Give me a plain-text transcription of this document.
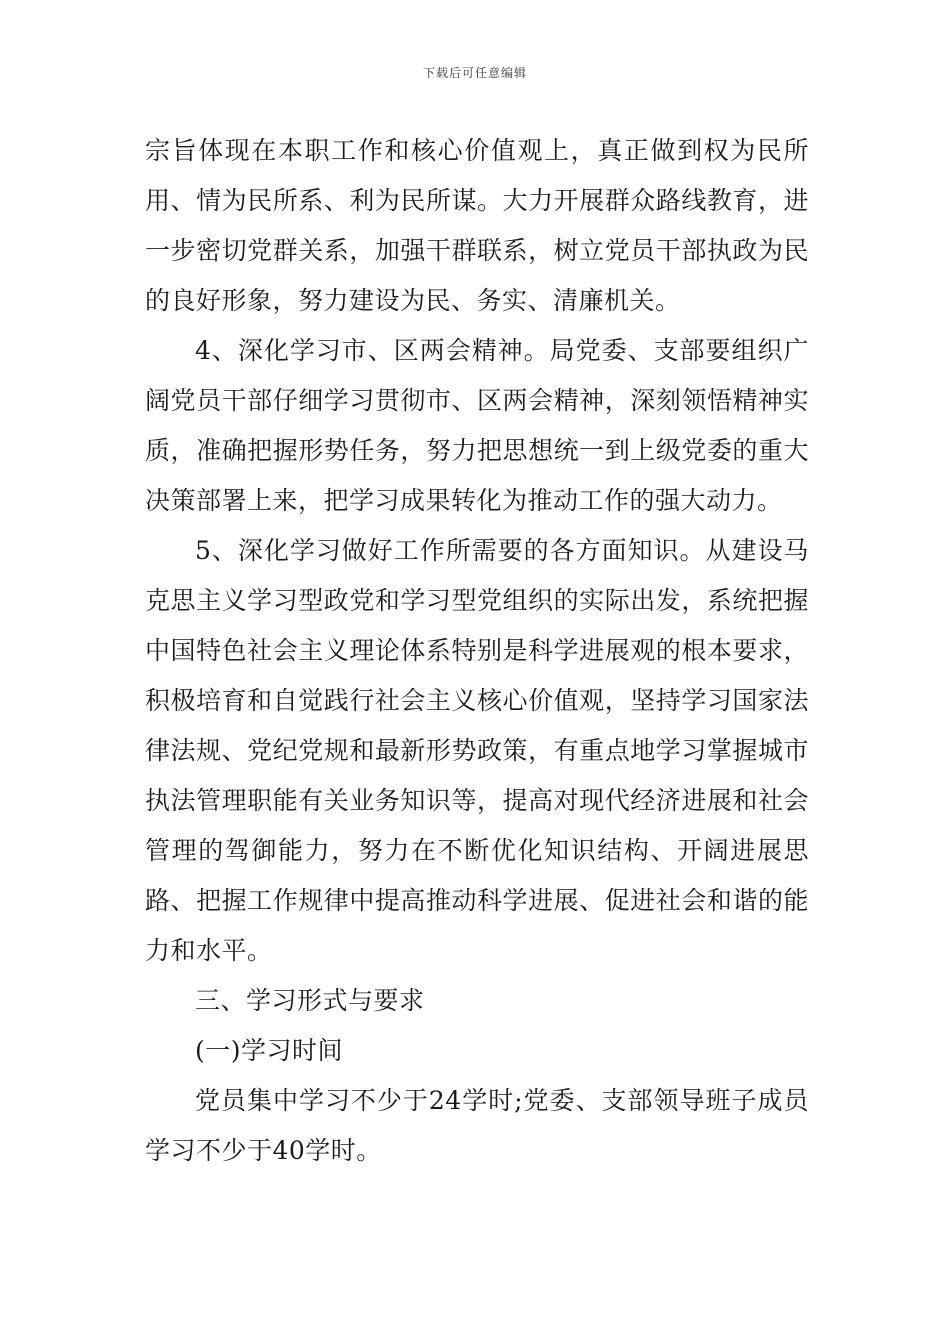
下载后可任意编辑

宗旨体现在本职工作和核心价值观上，真正做到权为民所用、情为民所系、利为民所谋。大力开展群众路线教育，进一步密切党群关系，加强干群联系，树立党员干部执政为民的良好形象，努力建设为民、务实、清廉机关。

4、深化学习市、区两会精神。局党委、支部要组织广阔党员干部仔细学习贯彻市、区两会精神，深刻领悟精神实质，准确把握形势任务，努力把思想统一到上级党委的重大决策部署上来，把学习成果转化为推动工作的强大动力。

5、深化学习做好工作所需要的各方面知识。从建设马克思主义学习型政党和学习型党组织的实际出发，系统把握中国特色社会主义理论体系特别是科学进展观的根本要求，积极培育和自觉践行社会主义核心价值观，坚持学习国家法律法规、党纪党规和最新形势政策，有重点地学习掌握城市执法管理职能有关业务知识等，提高对现代经济进展和社会管理的驾御能力，努力在不断优化知识结构、开阔进展思路、把握工作规律中提高推动科学进展、促进社会和谐的能力和水平。

三、学习形式与要求

(一)学习时间

党员集中学习不少于24学时;党委、支部领导班子成员学习不少于40学时。
